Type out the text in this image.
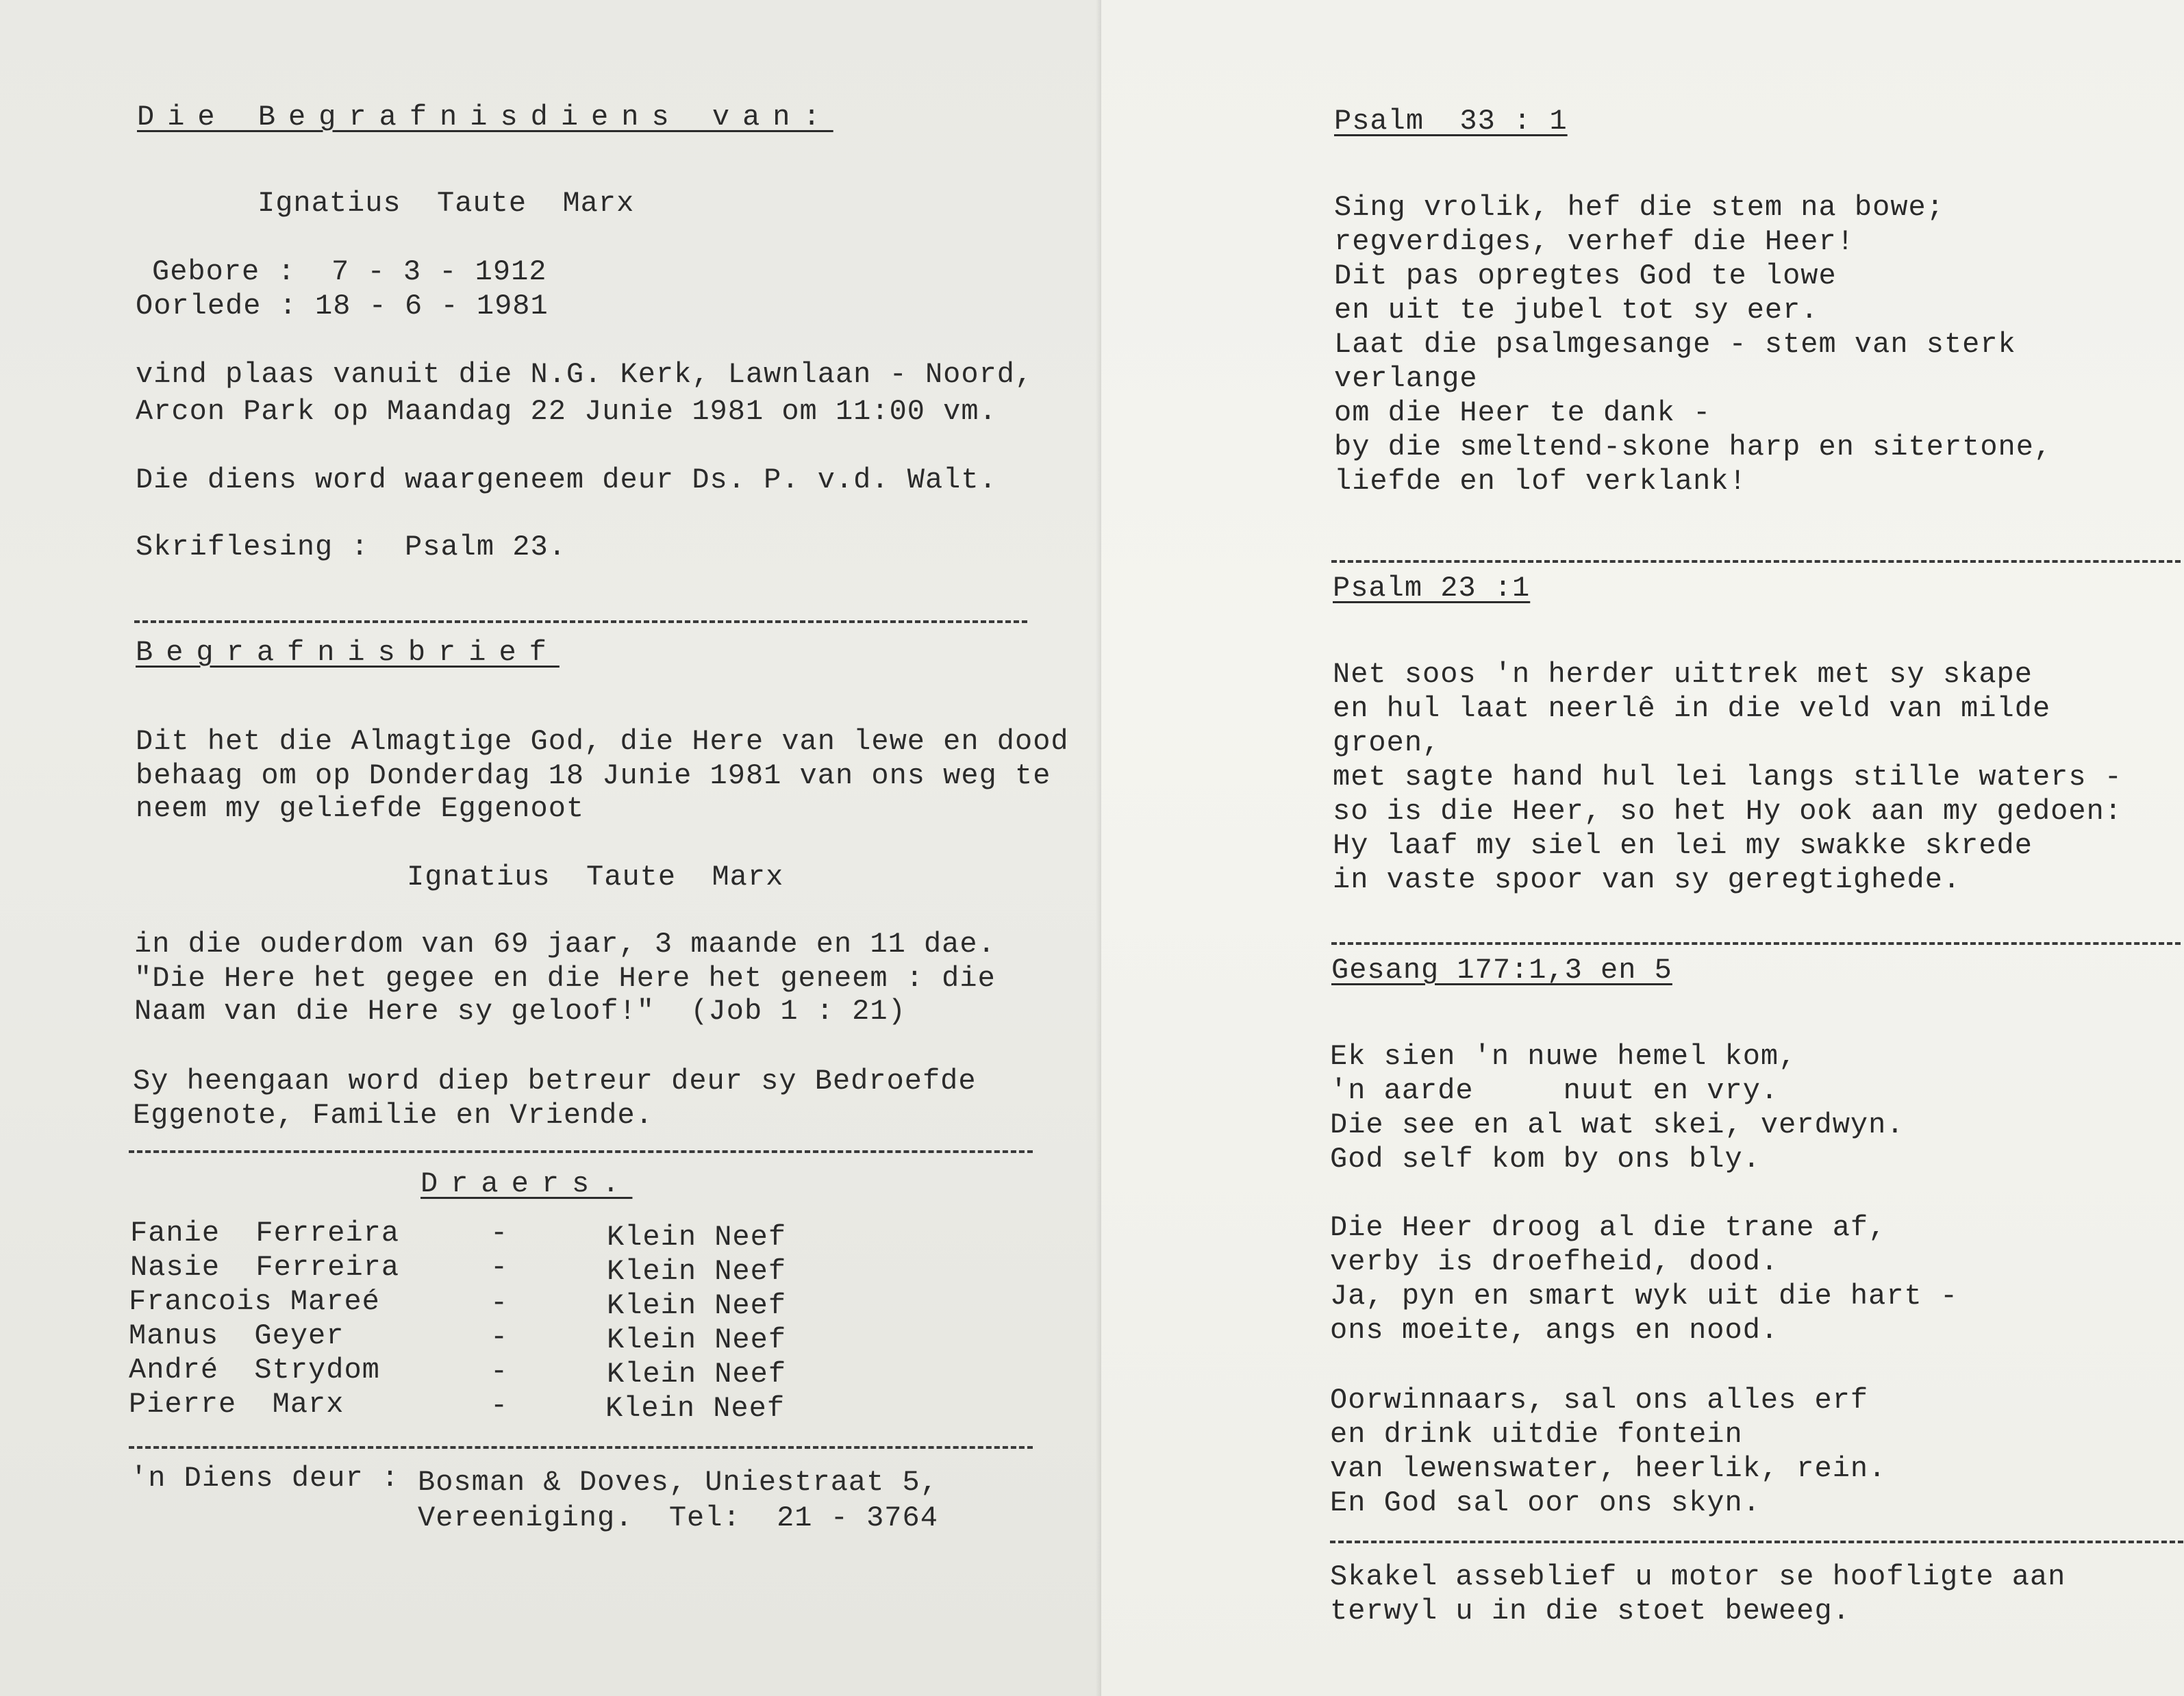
Die Begrafnisdiens van:
Ignatius  Taute  Marx
Gebore :  7 - 3 - 1912
Oorlede : 18 - 6 - 1981
vind plaas vanuit die N.G. Kerk, Lawnlaan - Noord,
Arcon Park op Maandag 22 Junie 1981 om 11:00 vm.
Die diens word waargeneem deur Ds. P. v.d. Walt.
Skriflesing :  Psalm 23.
Begrafnisbrief
Dit het die Almagtige God, die Here van lewe en dood
behaag om op Donderdag 18 Junie 1981 van ons weg te
neem my geliefde Eggenoot
Ignatius  Taute  Marx
in die ouderdom van 69 jaar, 3 maande en 11 dae.
"Die Here het gegee en die Here het geneem : die
Naam van die Here sy geloof!"  (Job 1 : 21)
Sy heengaan word diep betreur deur sy Bedroefde
Eggenote, Familie en Vriende.
Draers.
Fanie  Ferreira	-	Klein Neef
Nasie  Ferreira	-	Klein Neef
Francois Mareé	-	Klein Neef
Manus  Geyer	-	Klein Neef
André  Strydom	-	Klein Neef
Pierre  Marx	-	Klein Neef
'n Diens deur : Bosman & Doves, Uniestraat 5,
Vereeniging.  Tel:  21 - 3764
Psalm  33 : 1
Sing vrolik, hef die stem na bowe;
regverdiges, verhef die Heer!
Dit pas opregtes God te lowe
en uit te jubel tot sy eer.
Laat die psalmgesange - stem van sterk
verlange
om die Heer te dank -
by die smeltend-skone harp en sitertone,
liefde en lof verklank!
Psalm 23 :1
Net soos 'n herder uittrek met sy skape
en hul laat neerlê in die veld van milde
groen,
met sagte hand hul lei langs stille waters -
so is die Heer, so het Hy ook aan my gedoen:
Hy laaf my siel en lei my swakke skrede
in vaste spoor van sy geregtighede.
Gesang 177:1,3 en 5
Ek sien 'n nuwe hemel kom,
'n aarde     nuut en vry.
Die see en al wat skei, verdwyn.
God self kom by ons bly.
Die Heer droog al die trane af,
verby is droefheid, dood.
Ja, pyn en smart wyk uit die hart -
ons moeite, angs en nood.
Oorwinnaars, sal ons alles erf
en drink uitdie fontein
van lewenswater, heerlik, rein.
En God sal oor ons skyn.
Skakel asseblief u motor se hoofligte aan
terwyl u in die stoet beweeg.
